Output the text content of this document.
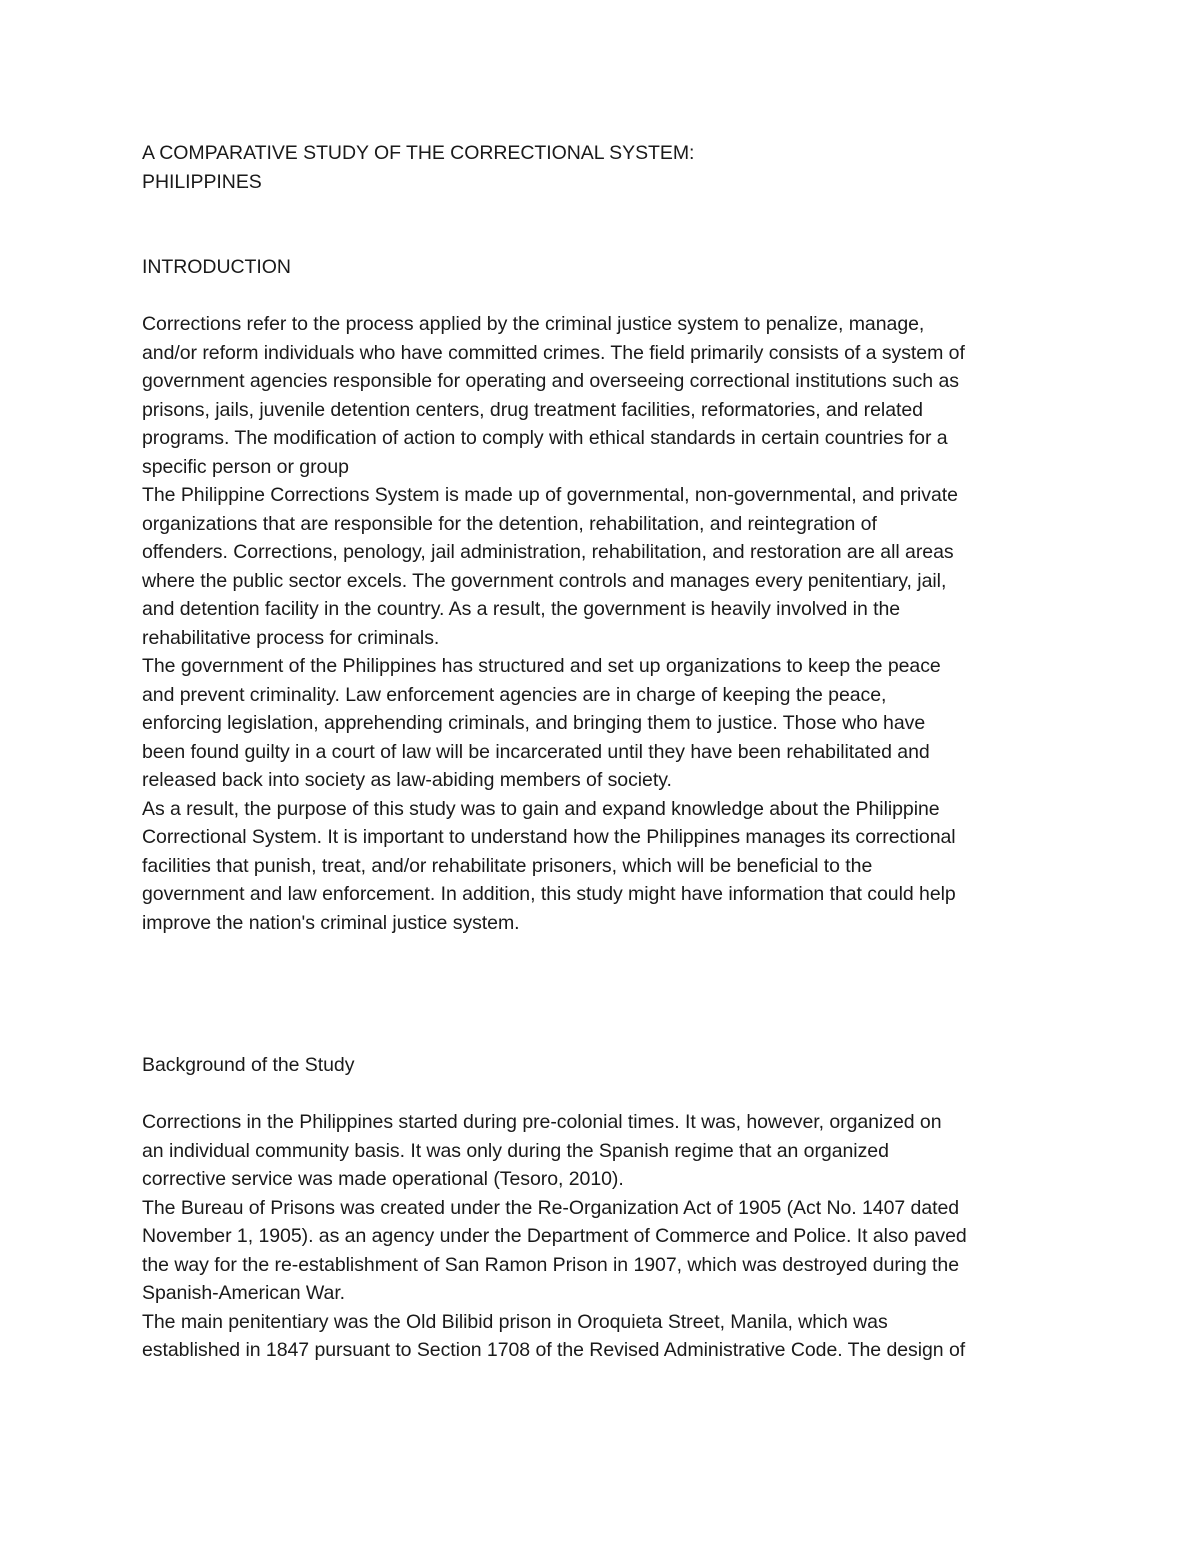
A COMPARATIVE STUDY OF THE CORRECTIONAL SYSTEM:
PHILIPPINES
INTRODUCTION
Corrections refer to the process applied by the criminal justice system to penalize, manage,
and/or reform individuals who have committed crimes. The field primarily consists of a system of
government agencies responsible for operating and overseeing correctional institutions such as
prisons, jails, juvenile detention centers, drug treatment facilities, reformatories, and related
programs. The modification of action to comply with ethical standards in certain countries for a
specific person or group
The Philippine Corrections System is made up of governmental, non-governmental, and private
organizations that are responsible for the detention, rehabilitation, and reintegration of
offenders. Corrections, penology, jail administration, rehabilitation, and restoration are all areas
where the public sector excels. The government controls and manages every penitentiary, jail,
and detention facility in the country. As a result, the government is heavily involved in the
rehabilitative process for criminals.
The government of the Philippines has structured and set up organizations to keep the peace
and prevent criminality. Law enforcement agencies are in charge of keeping the peace,
enforcing legislation, apprehending criminals, and bringing them to justice. Those who have
been found guilty in a court of law will be incarcerated until they have been rehabilitated and
released back into society as law-abiding members of society.
As a result, the purpose of this study was to gain and expand knowledge about the Philippine
Correctional System. It is important to understand how the Philippines manages its correctional
facilities that punish, treat, and/or rehabilitate prisoners, which will be beneficial to the
government and law enforcement. In addition, this study might have information that could help
improve the nation's criminal justice system.
Background of the Study
Corrections in the Philippines started during pre-colonial times. It was, however, organized on
an individual community basis. It was only during the Spanish regime that an organized
corrective service was made operational (Tesoro, 2010).
The Bureau of Prisons was created under the Re-Organization Act of 1905 (Act No. 1407 dated
November 1, 1905). as an agency under the Department of Commerce and Police. It also paved
the way for the re-establishment of San Ramon Prison in 1907, which was destroyed during the
Spanish-American War.
The main penitentiary was the Old Bilibid prison in Oroquieta Street, Manila, which was
established in 1847 pursuant to Section 1708 of the Revised Administrative Code. The design of
